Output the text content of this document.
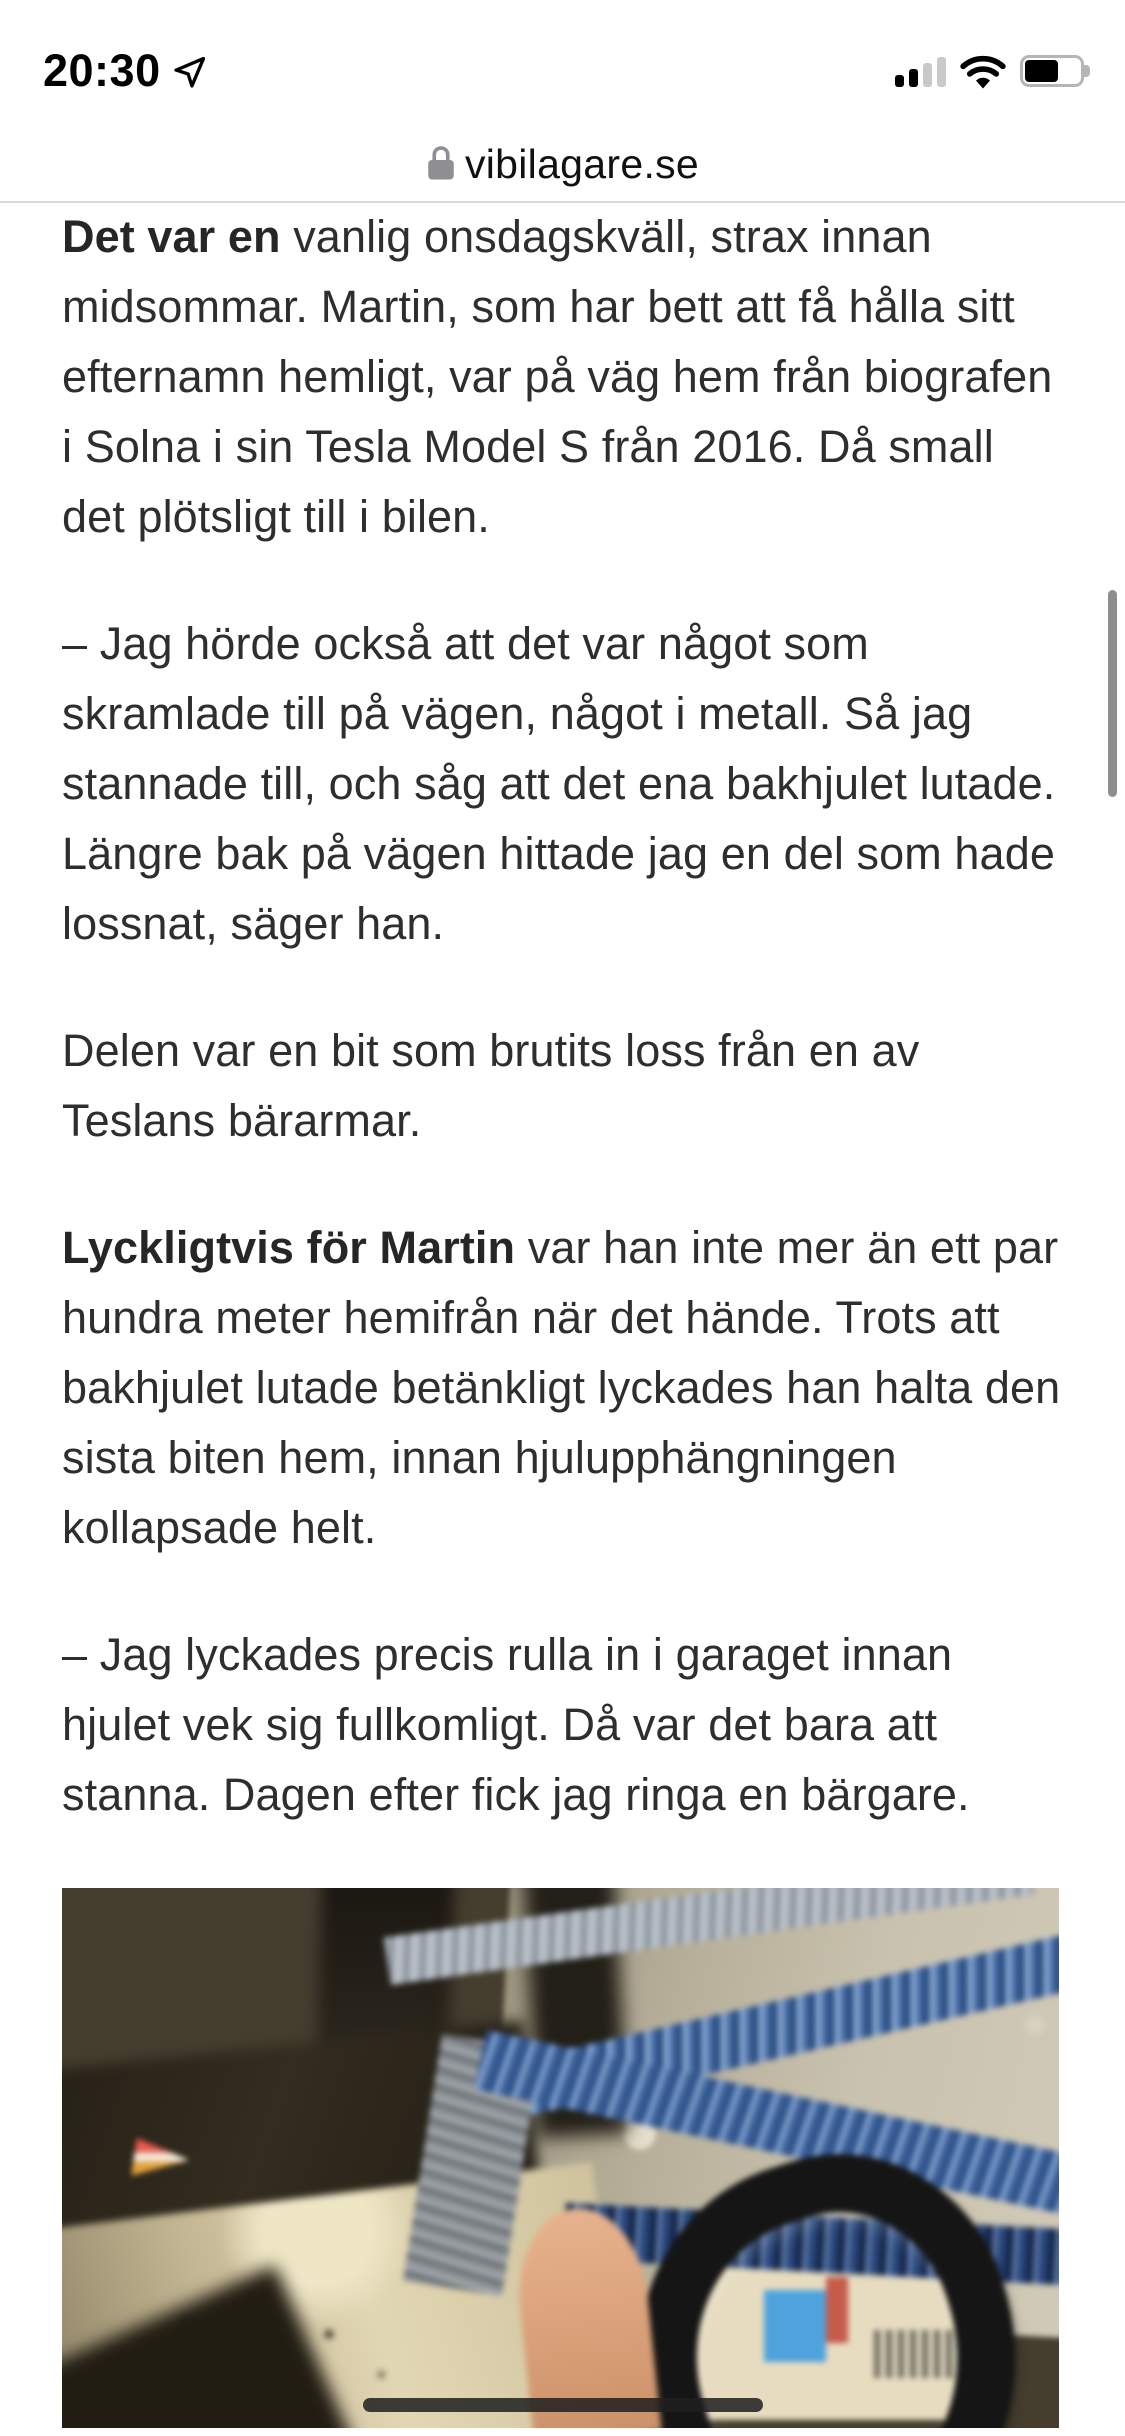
20:30
vibilagare.se

Det var en vanlig onsdagskväll, strax innan midsommar. Martin, som har bett att få hålla sitt efternamn hemligt, var på väg hem från biografen i Solna i sin Tesla Model S från 2016. Då small det plötsligt till i bilen.

– Jag hörde också att det var något som skramlade till på vägen, något i metall. Så jag stannade till, och såg att det ena bakhjulet lutade. Längre bak på vägen hittade jag en del som hade lossnat, säger han.

Delen var en bit som brutits loss från en av Teslans bärarmar.

Lyckligtvis för Martin var han inte mer än ett par hundra meter hemifrån när det hände. Trots att bakhjulet lutade betänkligt lyckades han halta den sista biten hem, innan hjulupphängningen kollapsade helt.

– Jag lyckades precis rulla in i garaget innan hjulet vek sig fullkomligt. Då var det bara att stanna. Dagen efter fick jag ringa en bärgare.
